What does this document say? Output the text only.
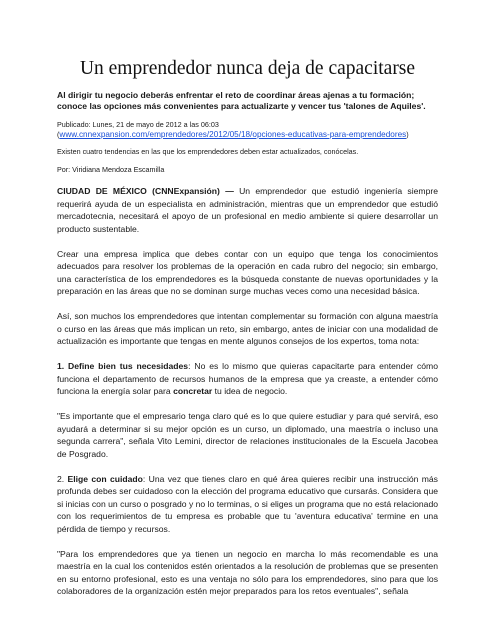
Un emprendedor nunca deja de capacitarse

Al dirigir tu negocio deberás enfrentar el reto de coordinar áreas ajenas a tu formación; conoce las opciones más convenientes para actualizarte y vencer tus 'talones de Aquiles'.

Publicado: Lunes, 21 de mayo de 2012 a las 06:03

(www.cnnexpansion.com/emprendedores/2012/05/18/opciones-educativas-para-emprendedores)

Existen cuatro tendencias en las que los emprendedores deben estar actualizados, conócelas.

Por: Viridiana Mendoza Escamilla

CIUDAD DE MÉXICO (CNNExpansión) — Un emprendedor que estudió ingeniería siempre requerirá ayuda de un especialista en administración, mientras que un emprendedor que estudió mercadotecnia, necesitará el apoyo de un profesional en medio ambiente si quiere desarrollar un producto sustentable.

Crear una empresa implica que debes contar con un equipo que tenga los conocimientos adecuados para resolver los problemas de la operación en cada rubro del negocio; sin embargo, una característica de los emprendedores es la búsqueda constante de nuevas oportunidades y la preparación en las áreas que no se dominan surge muchas veces como una necesidad básica.

Así, son muchos los emprendedores que intentan complementar su formación con alguna maestría o curso en las áreas que más implican un reto, sin embargo, antes de iniciar con una modalidad de actualización es importante que tengas en mente algunos consejos de los expertos, toma nota:

1. Define bien tus necesidades: No es lo mismo que quieras capacitarte para entender cómo funciona el departamento de recursos humanos de la empresa que ya creaste, a entender cómo funciona la energía solar para concretar tu idea de negocio.

"Es importante que el empresario tenga claro qué es lo que quiere estudiar y para qué servirá, eso ayudará a determinar si su mejor opción es un curso, un diplomado, una maestría o incluso una segunda carrera", señala Vito Lemini, director de relaciones institucionales de la Escuela Jacobea de Posgrado.

2. Elige con cuidado: Una vez que tienes claro en qué área quieres recibir una instrucción más profunda debes ser cuidadoso con la elección del programa educativo que cursarás. Considera que si inicias con un curso o posgrado y no lo terminas, o si eliges un programa que no está relacionado con los requerimientos de tu empresa es probable que tu 'aventura educativa' termine en una pérdida de tiempo y recursos.

"Para los emprendedores que ya tienen un negocio en marcha lo más recomendable es una maestría en la cual los contenidos estén orientados a la resolución de problemas que se presenten en su entorno profesional, esto es una ventaja no sólo para los emprendedores, sino para que los colaboradores de la organización estén mejor preparados para los retos eventuales", señala
